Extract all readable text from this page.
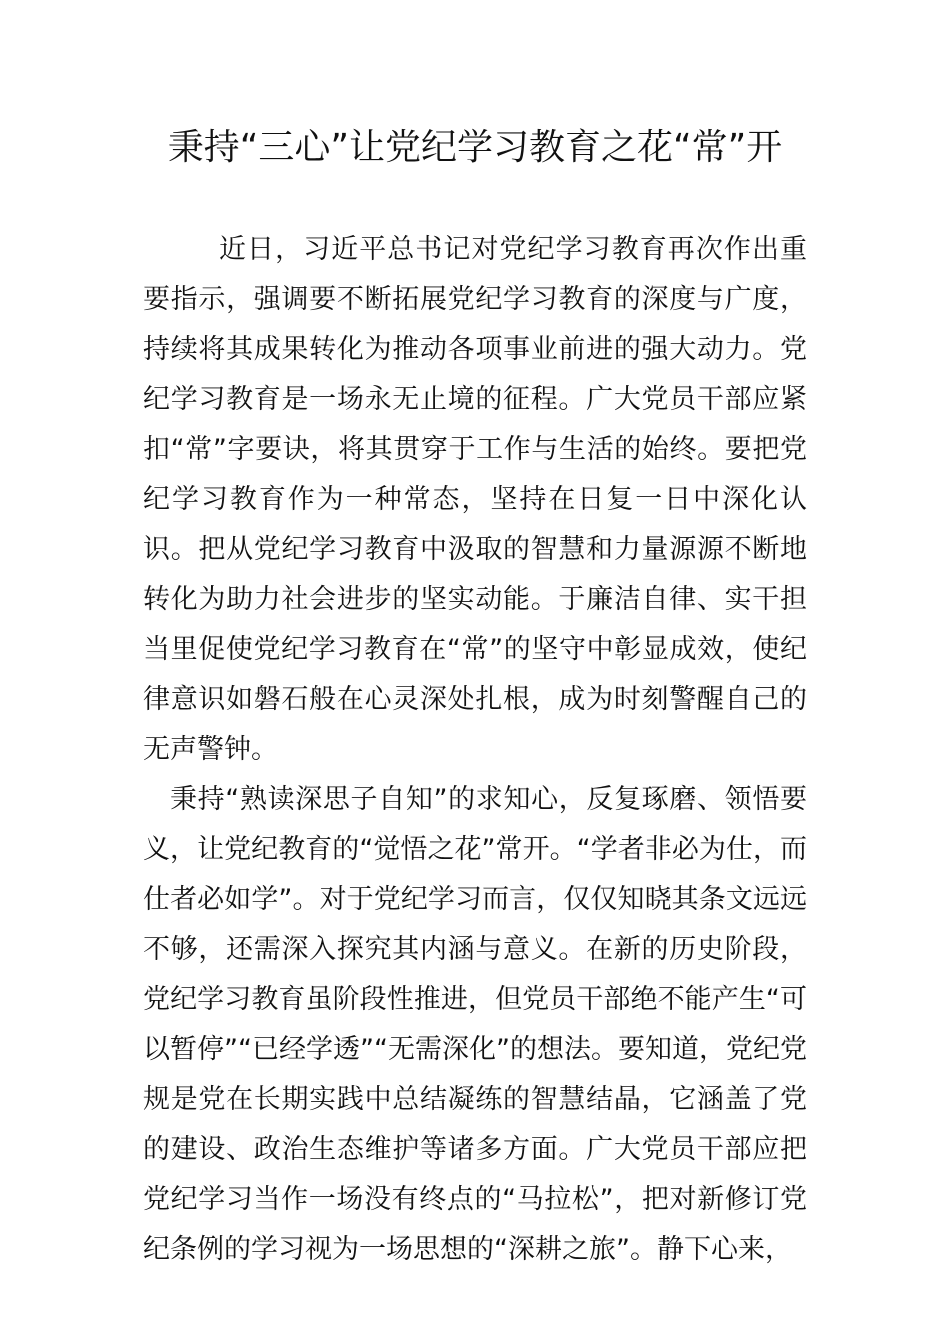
秉持“三心”让党纪学习教育之花“常”开

近日，习近平总书记对党纪学习教育再次作出重要指示，强调要不断拓展党纪学习教育的深度与广度，持续将其成果转化为推动各项事业前进的强大动力。党纪学习教育是一场永无止境的征程。广大党员干部应紧扣“常”字要诀，将其贯穿于工作与生活的始终。要把党纪学习教育作为一种常态，坚持在日复一日中深化认识。把从党纪学习教育中汲取的智慧和力量源源不断地转化为助力社会进步的坚实动能。于廉洁自律、实干担当里促使党纪学习教育在“常”的坚守中彰显成效，使纪律意识如磐石般在心灵深处扎根，成为时刻警醒自己的无声警钟。

秉持“熟读深思子自知”的求知心，反复琢磨、领悟要义，让党纪教育的“觉悟之花”常开。“学者非必为仕，而仕者必如学”。对于党纪学习而言，仅仅知晓其条文远远不够，还需深入探究其内涵与意义。在新的历史阶段，党纪学习教育虽阶段性推进，但党员干部绝不能产生“可以暂停”“已经学透”“无需深化”的想法。要知道，党纪党规是党在长期实践中总结凝练的智慧结晶，它涵盖了党的建设、政治生态维护等诸多方面。广大党员干部应把党纪学习当作一场没有终点的“马拉松”，把对新修订党纪条例的学习视为一场思想的“深耕之旅”。静下心来，
